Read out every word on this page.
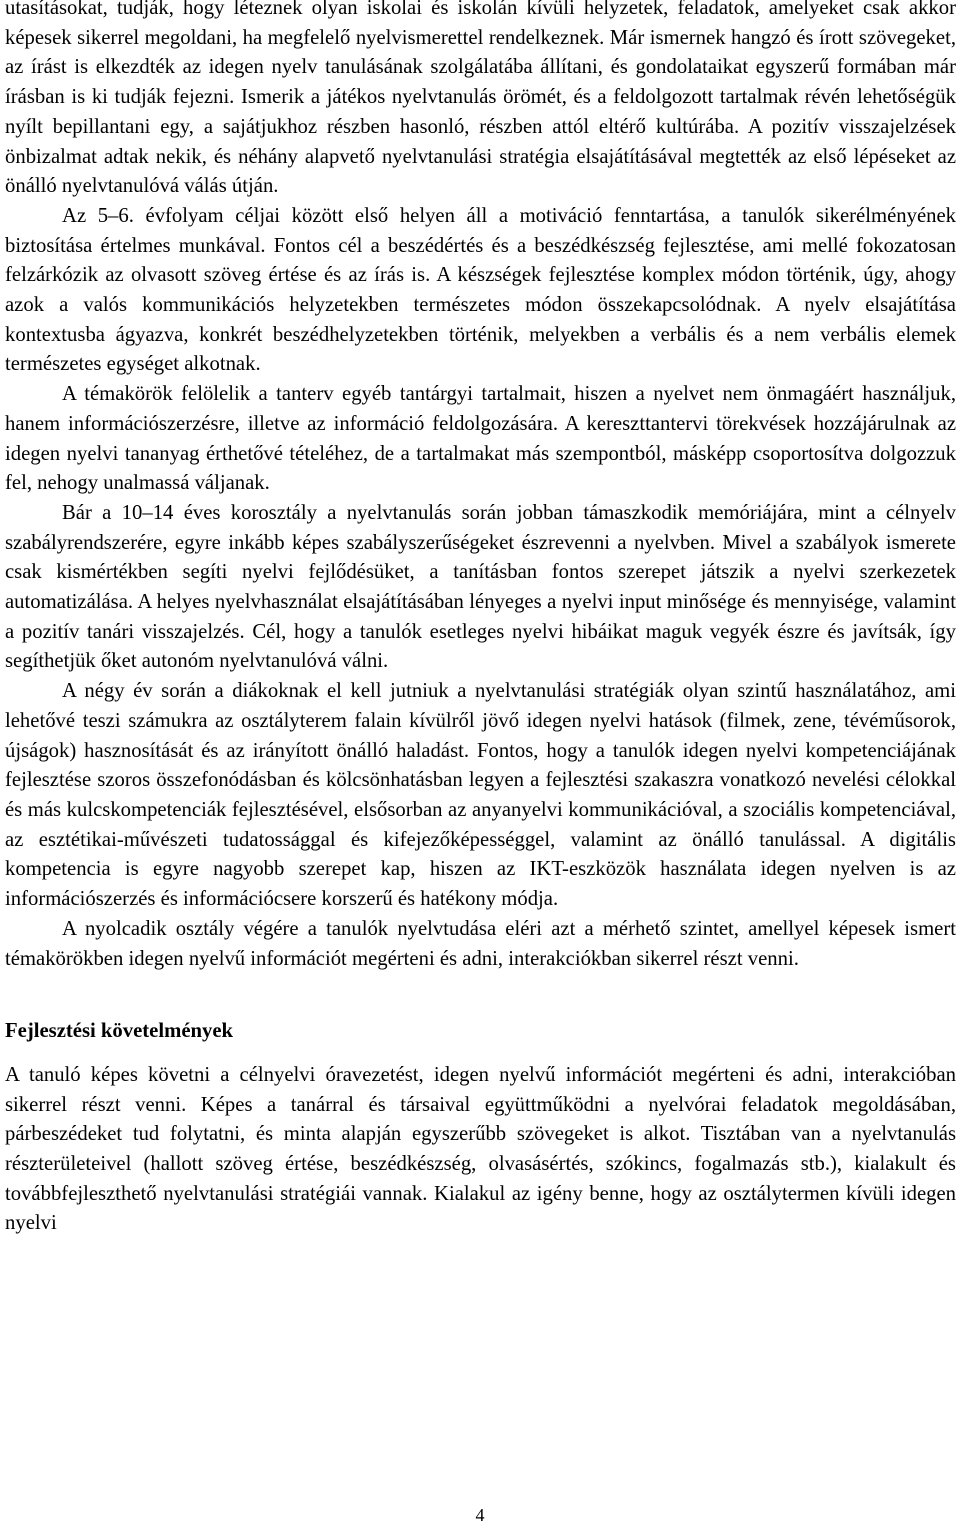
utasításokat, tudják, hogy léteznek olyan iskolai és iskolán kívüli helyzetek, feladatok, amelyeket csak akkor képesek sikerrel megoldani, ha megfelelő nyelvismerettel rendelkeznek. Már ismernek hangzó és írott szövegeket, az írást is elkezdték az idegen nyelv tanulásának szolgálatába állítani, és gondolataikat egyszerű formában már írásban is ki tudják fejezni. Ismerik a játékos nyelvtanulás örömét, és a feldolgozott tartalmak révén lehetőségük nyílt bepillantani egy, a sajátjukhoz részben hasonló, részben attól eltérő kultúrába. A pozitív visszajelzések önbizalmat adtak nekik, és néhány alapvető nyelvtanulási stratégia elsajátításával megtették az első lépéseket az önálló nyelvtanulóvá válás útján.

Az 5–6. évfolyam céljai között első helyen áll a motiváció fenntartása, a tanulók sikerélményének biztosítása értelmes munkával. Fontos cél a beszédértés és a beszédkészség fejlesztése, ami mellé fokozatosan felzárkózik az olvasott szöveg értése és az írás is. A készségek fejlesztése komplex módon történik, úgy, ahogy azok a valós kommunikációs helyzetekben természetes módon összekapcsolódnak. A nyelv elsajátítása kontextusba ágyazva, konkrét beszédhelyzetekben történik, melyekben a verbális és a nem verbális elemek természetes egységet alkotnak.

A témakörök felölelik a tanterv egyéb tantárgyi tartalmait, hiszen a nyelvet nem önmagáért használjuk, hanem információszerzésre, illetve az információ feldolgozására. A kereszttantervi törekvések hozzájárulnak az idegen nyelvi tananyag érthetővé tételéhez, de a tartalmakat más szempontból, másképp csoportosítva dolgozzuk fel, nehogy unalmassá váljanak.

Bár a 10–14 éves korosztály a nyelvtanulás során jobban támaszkodik memóriájára, mint a célnyelv szabályrendszerére, egyre inkább képes szabályszerűségeket észrevenni a nyelvben. Mivel a szabályok ismerete csak kismértékben segíti nyelvi fejlődésüket, a tanításban fontos szerepet játszik a nyelvi szerkezetek automatizálása. A helyes nyelvhasználat elsajátításában lényeges a nyelvi input minősége és mennyisége, valamint a pozitív tanári visszajelzés. Cél, hogy a tanulók esetleges nyelvi hibáikat maguk vegyék észre és javítsák, így segíthetjük őket autonóm nyelvtanulóvá válni.

A négy év során a diákoknak el kell jutniuk a nyelvtanulási stratégiák olyan szintű használatához, ami lehetővé teszi számukra az osztályterem falain kívülről jövő idegen nyelvi hatások (filmek, zene, tévéműsorok, újságok) hasznosítását és az irányított önálló haladást. Fontos, hogy a tanulók idegen nyelvi kompetenciájának fejlesztése szoros összefonódásban és kölcsönhatásban legyen a fejlesztési szakaszra vonatkozó nevelési célokkal és más kulcskompetenciák fejlesztésével, elsősorban az anyanyelvi kommunikációval, a szociális kompetenciával, az esztétikai-művészeti tudatossággal és kifejezőképességgel, valamint az önálló tanulással. A digitális kompetencia is egyre nagyobb szerepet kap, hiszen az IKT-eszközök használata idegen nyelven is az információszerzés és információcsere korszerű és hatékony módja.

A nyolcadik osztály végére a tanulók nyelvtudása eléri azt a mérhető szintet, amellyel képesek ismert témakörökben idegen nyelvű információt megérteni és adni, interakciókban sikerrel részt venni.

Fejlesztési követelmények

A tanuló képes követni a célnyelvi óravezetést, idegen nyelvű információt megérteni és adni, interakcióban sikerrel részt venni. Képes a tanárral és társaival együttműködni a nyelvórai feladatok megoldásában, párbeszédeket tud folytatni, és minta alapján egyszerűbb szövegeket is alkot. Tisztában van a nyelvtanulás részterületeivel (hallott szöveg értése, beszédkészség, olvasásértés, szókincs, fogalmazás stb.), kialakult és továbbfejleszthető nyelvtanulási stratégiái vannak. Kialakul az igény benne, hogy az osztálytermen kívüli idegen nyelvi

4
